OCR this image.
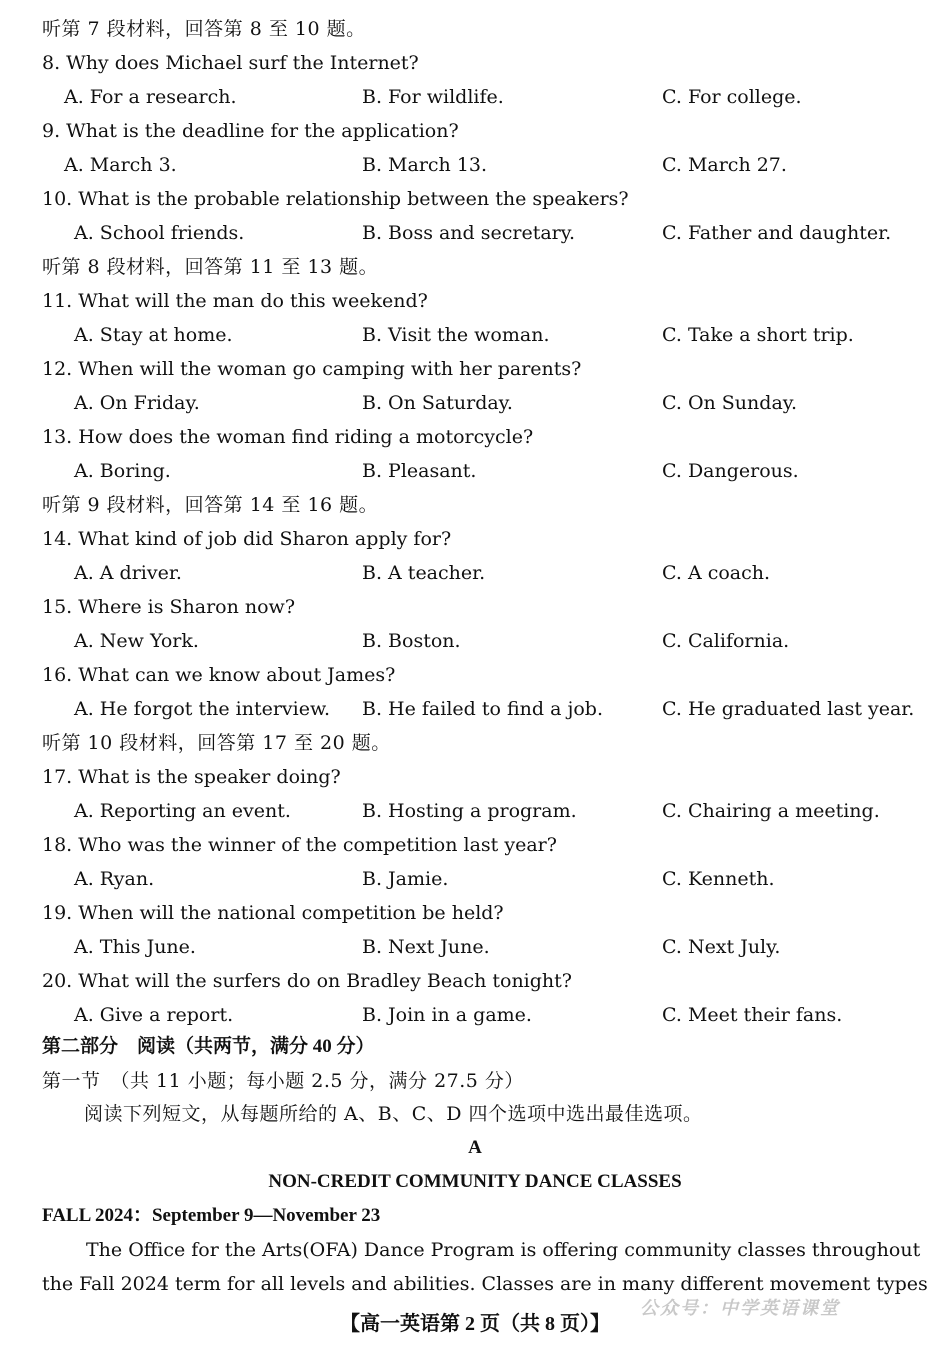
听第 7 段材料，回答第 8 至 10 题。
8. Why does Michael surf the Internet?
A. For a research.	B. For wildlife.	C. For college.
9. What is the deadline for the application?
A. March 3.	B. March 13.	C. March 27.
10. What is the probable relationship between the speakers?
A. School friends.	B. Boss and secretary.	C. Father and daughter.
听第 8 段材料，回答第 11 至 13 题。
11. What will the man do this weekend?
A. Stay at home.	B. Visit the woman.	C. Take a short trip.
12. When will the woman go camping with her parents?
A. On Friday.	B. On Saturday.	C. On Sunday.
13. How does the woman find riding a motorcycle?
A. Boring.	B. Pleasant.	C. Dangerous.
听第 9 段材料，回答第 14 至 16 题。
14. What kind of job did Sharon apply for?
A. A driver.	B. A teacher.	C. A coach.
15. Where is Sharon now?
A. New York.	B. Boston.	C. California.
16. What can we know about James?
A. He forgot the interview. B. He failed to find a job.	C. He graduated last year.
听第 10 段材料，回答第 17 至 20 题。
17. What is the speaker doing?
A. Reporting an event.	B. Hosting a program.	C. Chairing a meeting.
18. Who was the winner of the competition last year?
A. Ryan.	B. Jamie.	C. Kenneth.
19. When will the national competition be held?
A. This June.	B. Next June.	C. Next July.
20. What will the surfers do on Bradley Beach tonight?
A. Give a report.	B. Join in a game.	C. Meet their fans.
第二部分　阅读（共两节，满分 40 分）
第一节　（共 11 小题；每小题 2.5 分，满分 27.5 分）
阅读下列短文，从每题所给的 A、B、C、D 四个选项中选出最佳选项。
A
NON-CREDIT COMMUNITY DANCE CLASSES
FALL 2024：September 9—November 23
The Office for the Arts(OFA) Dance Program is offering community classes throughout
the Fall 2024 term for all levels and abilities. Classes are in many different movement types
公众号：中学英语课堂
【高一英语第 2 页（共 8 页）】
